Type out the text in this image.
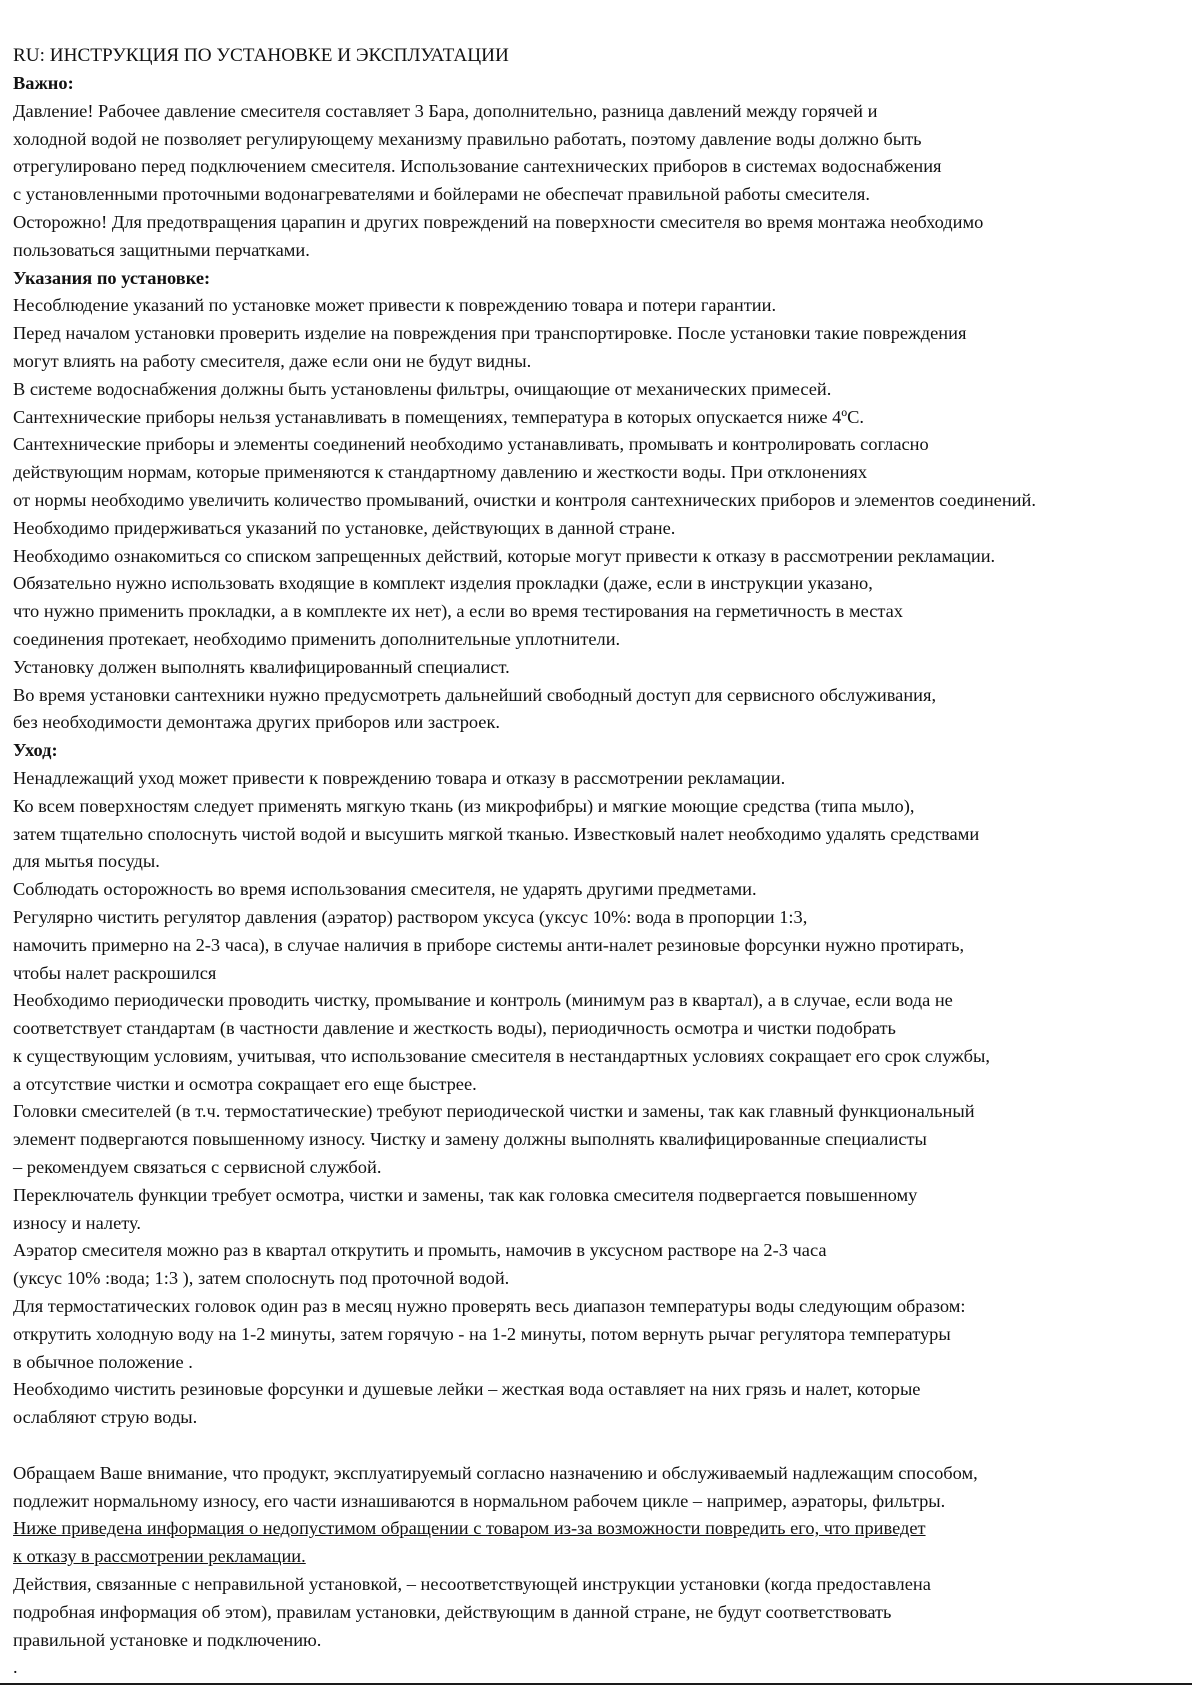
RU: ИНСТРУКЦИЯ ПО УСТАНОВКЕ И ЭКСПЛУАТАЦИИ
Важно:
Давление! Рабочее давление смесителя составляет 3 Бара, дополнительно, разница давлений между горячей и
холодной водой не позволяет регулирующему механизму правильно работать, поэтому давление воды должно быть
отрегулировано перед подключением смесителя. Использование сантехнических приборов в системах водоснабжения
с установленными проточными водонагревателями и бойлерами не обеспечат правильной работы смесителя.
Осторожно! Для предотвращения царапин и других повреждений на поверхности смесителя во время монтажа необходимо
пользоваться защитными перчатками.
Указания по установке:
Несоблюдение указаний по установке может привести к повреждению товара и потери гарантии.
Перед началом установки проверить изделие на повреждения при транспортировке. После установки такие повреждения
могут влиять на работу смесителя, даже если они не будут видны.
В системе водоснабжения должны быть установлены фильтры, очищающие от механических примесей.
Сантехнические приборы нельзя устанавливать в помещениях, температура в которых опускается ниже 4ºС.
Сантехнические приборы и элементы соединений необходимо устанавливать, промывать и контролировать согласно
действующим нормам, которые применяются к стандартному давлению и жесткости воды. При отклонениях
от нормы необходимо увеличить количество промываний, очистки и контроля сантехнических приборов и элементов соединений.
Необходимо придерживаться указаний по установке, действующих в данной стране.
Необходимо ознакомиться со списком запрещенных действий, которые могут привести к отказу в рассмотрении рекламации.
Обязательно нужно использовать входящие в комплект изделия прокладки (даже, если в инструкции указано,
что нужно применить прокладки, а в комплекте их нет), а если во время тестирования на герметичность в местах
соединения протекает, необходимо применить дополнительные уплотнители.
Установку должен выполнять квалифицированный специалист.
Во время установки сантехники нужно предусмотреть дальнейший свободный доступ для сервисного обслуживания,
без необходимости демонтажа других приборов или застроек.
Уход:
Ненадлежащий уход может привести к повреждению товара и отказу в рассмотрении рекламации.
Ко всем поверхностям следует применять мягкую ткань (из микрофибры) и мягкие моющие средства (типа мыло),
затем тщательно сполоснуть чистой водой и высушить мягкой тканью. Известковый налет необходимо удалять средствами
для мытья посуды.
Соблюдать осторожность во время использования смесителя, не ударять другими предметами.
Регулярно чистить регулятор давления (аэратор) раствором уксуса (уксус 10%: вода в пропорции 1:3,
намочить примерно на 2-3 часа), в случае наличия в приборе системы анти-налет резиновые форсунки нужно протирать,
чтобы налет раскрошился
Необходимо периодически проводить чистку, промывание и контроль (минимум раз в квартал), а в случае, если вода не
соответствует стандартам (в частности давление и жесткость воды), периодичность осмотра и чистки подобрать
к существующим условиям, учитывая, что использование смесителя в нестандартных условиях сокращает его срок службы,
а отсутствие чистки и осмотра сокращает его еще быстрее.
Головки смесителей (в т.ч. термостатические) требуют периодической чистки и замены, так как главный функциональный
элемент подвергаются повышенному износу. Чистку и замену должны выполнять квалифицированные специалисты
– рекомендуем связаться с сервисной службой.
Переключатель функции требует осмотра, чистки и замены, так как головка смесителя подвергается повышенному
износу и налету.
Аэратор смесителя можно раз в квартал открутить и промыть, намочив в уксусном растворе на 2-3 часа
(уксус 10% :вода; 1:3 ), затем сполоснуть под проточной водой.
Для термостатических головок один раз в месяц нужно проверять весь диапазон температуры воды следующим образом:
открутить холодную воду на 1-2 минуты, затем горячую - на 1-2 минуты, потом вернуть рычаг регулятора температуры
в обычное положение .
Необходимо чистить резиновые форсунки и душевые лейки – жесткая вода оставляет на них грязь и налет, которые
ослабляют струю воды.
Обращаем Ваше внимание, что продукт, эксплуатируемый согласно назначению и обслуживаемый надлежащим способом,
подлежит нормальному износу, его части изнашиваются в нормальном рабочем цикле – например, аэраторы, фильтры.
Ниже приведена информация о недопустимом обращении с товаром из-за возможности повредить его, что приведет
к отказу в рассмотрении рекламации.
Действия, связанные с неправильной установкой, – несоответствующей инструкции установки (когда предоставлена
подробная информация об этом), правилам установки, действующим в данной стране, не будут соответствовать
правильной установке и подключению.
.
